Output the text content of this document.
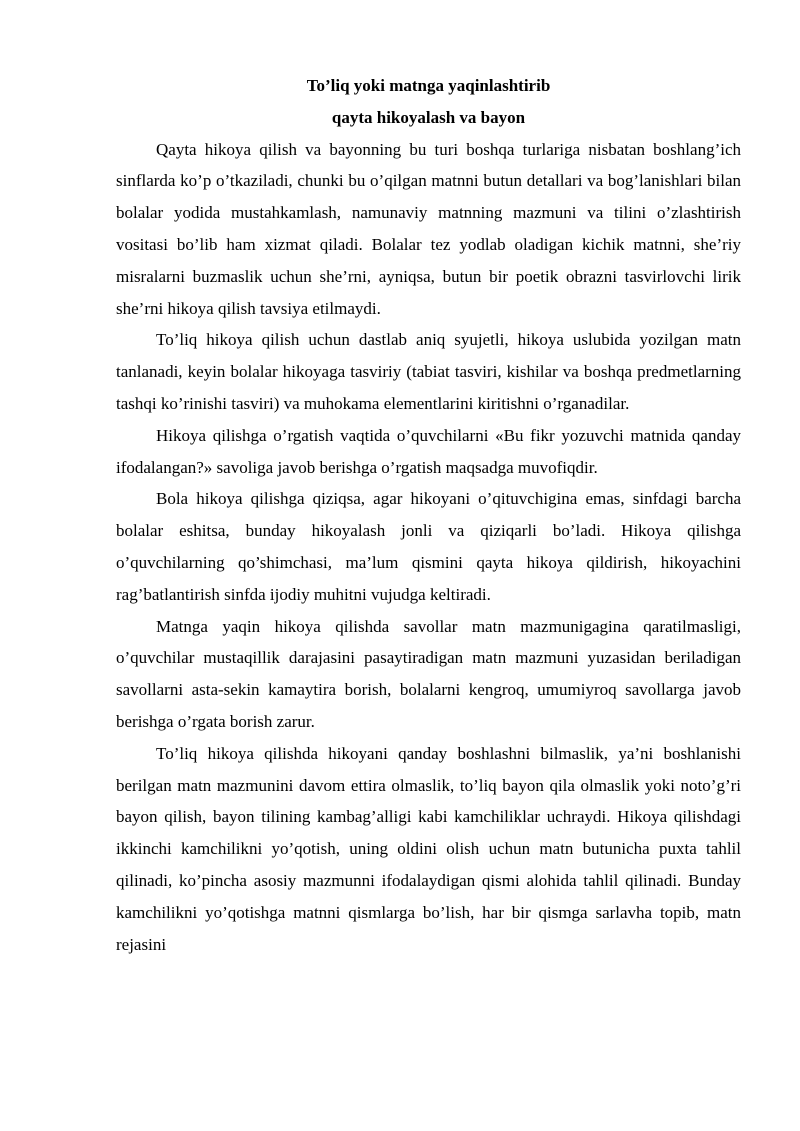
To’liq yoki matnga yaqinlashtirib

qayta hikoyalash va bayon

Qayta hikoya qilish va bayonning bu turi boshqa turlariga nisbatan boshlang’ich sinflarda ko’p o’tkaziladi, chunki bu o’qilgan matnni butun detallari va bog’lanishlari bilan bolalar yodida mustahkamlash, namunaviy matnning mazmuni va tilini o’zlashtirish vositasi bo’lib ham xizmat qiladi. Bolalar tez yodlab oladigan kichik matnni, she’riy misralarni buzmaslik uchun she’rni, ayniqsa, butun bir poetik obrazni tasvirlovchi lirik she’rni hikoya qilish tavsiya etilmaydi.

To’liq hikoya qilish uchun dastlab aniq syujetli, hikoya uslubida yozilgan matn tanlanadi, keyin bolalar hikoyaga tasviriy (tabiat tasviri, kishilar va boshqa predmetlarning tashqi ko’rinishi tasviri) va muhokama elementlarini kiritishni o’rganadilar.

Hikoya qilishga o’rgatish vaqtida o’quvchilarni «Bu fikr yozuvchi matnida qanday ifodalangan?» savoliga javob berishga o’rgatish maqsadga muvofiqdir.

Bola hikoya qilishga qiziqsa, agar hikoyani o’qituvchigina emas, sinfdagi barcha bolalar eshitsa, bunday hikoyalash jonli va qiziqarli bo’ladi. Hikoya qilishga o’quvchilarning qo’shimchasi, ma’lum qismini qayta hikoya qildirish, hikoyachini rag’batlantirish sinfda ijodiy muhitni vujudga keltiradi.

Matnga yaqin hikoya qilishda savollar matn mazmunigagina qaratilmasligi, o’quvchilar mustaqillik darajasini pasaytiradigan matn mazmuni yuzasidan beriladigan savollarni asta-sekin kamaytira borish, bolalarni kengroq, umumiyroq savollarga javob berishga o’rgata borish zarur.

To’liq hikoya qilishda hikoyani qanday boshlashni bilmaslik, ya’ni boshlanishi berilgan matn mazmunini davom ettira olmaslik, to’liq bayon qila olmaslik yoki noto’g’ri bayon qilish, bayon tilining kambag’alligi kabi kamchiliklar uchraydi. Hikoya qilishdagi ikkinchi kamchilikni yo’qotish, uning oldini olish uchun matn butunicha puxta tahlil qilinadi, ko’pincha asosiy mazmunni ifodalaydigan qismi alohida tahlil qilinadi. Bunday kamchilikni yo’qotishga matnni qismlarga bo’lish, har bir qismga sarlavha topib, matn rejasini
